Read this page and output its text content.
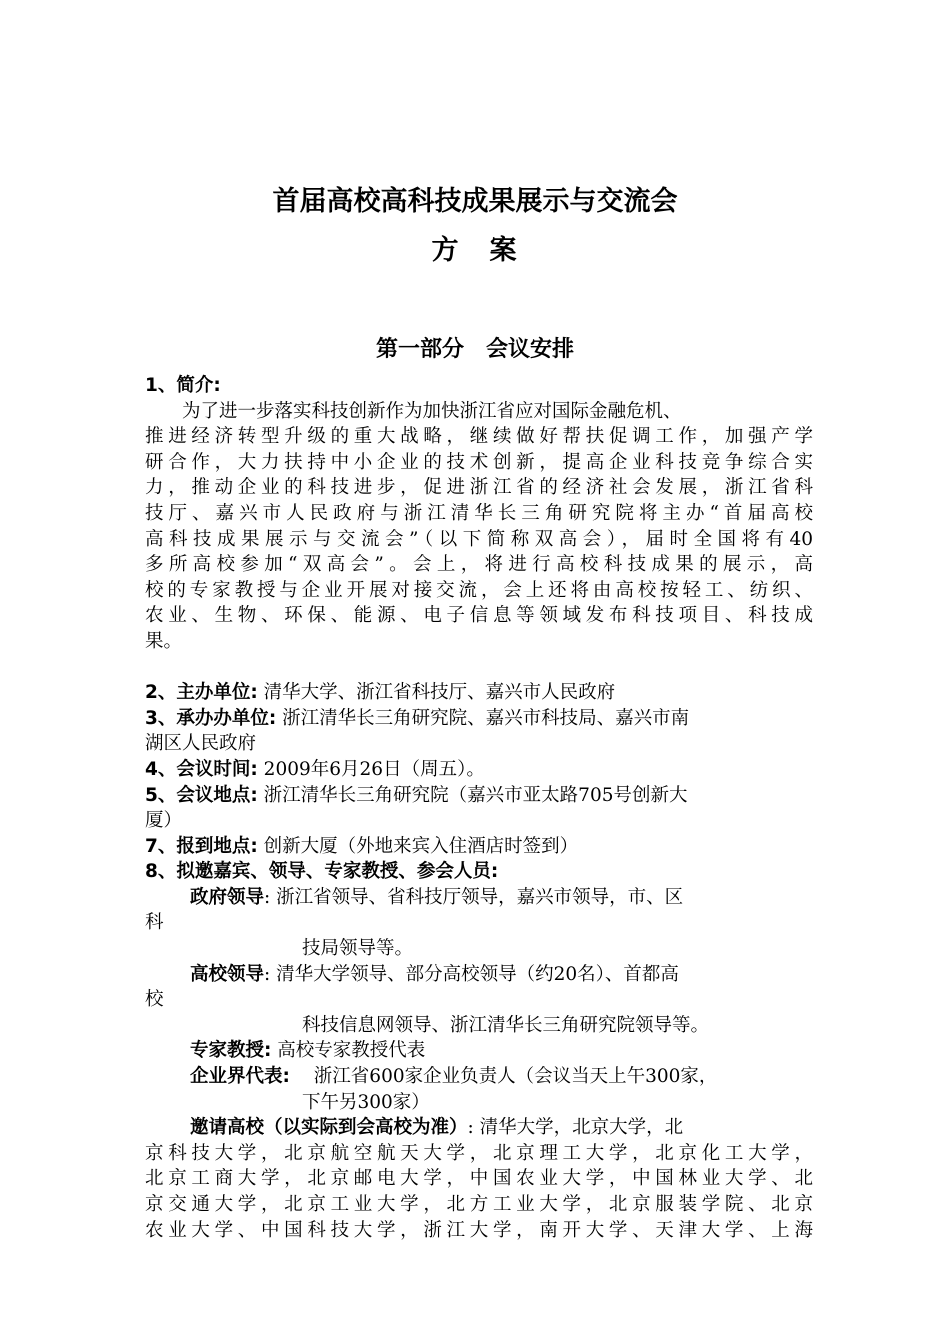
首届高校高科技成果展示与交流会
方　案
第一部分　会议安排
1、简介:
为了进一步落实科技创新作为加快浙江省应对国际金融危机、
推进经济转型升级的重大战略，继续做好帮扶促调工作，加强产学
研合作，大力扶持中小企业的技术创新，提高企业科技竞争综合实
力，推动企业的科技进步，促进浙江省的经济社会发展，浙江省科
技厅、嘉兴市人民政府与浙江清华长三角研究院将主办“首届高校
高科技成果展示与交流会”（以下简称双高会），届时全国将有40
多所高校参加“双高会”。会上，将进行高校科技成果的展示，高
校的专家教授与企业开展对接交流，会上还将由高校按轻工、纺织、
农业、生物、环保、能源、电子信息等领域发布科技项目、科技成
果。
2、主办单位: 清华大学、浙江省科技厅、嘉兴市人民政府
3、承办办单位: 浙江清华长三角研究院、嘉兴市科技局、嘉兴市南
湖区人民政府
4、会议时间: 2009年6月26日（周五）。
5、会议地点: 浙江清华长三角研究院（嘉兴市亚太路705号创新大
厦）
7、报到地点: 创新大厦（外地来宾入住酒店时签到）
8、拟邀嘉宾、领导、专家教授、参会人员:
政府领导: 浙江省领导、省科技厅领导，嘉兴市领导，市、区
科
技局领导等。
高校领导: 清华大学领导、部分高校领导（约20名）、首都高
校
科技信息网领导、浙江清华长三角研究院领导等。
专家教授: 高校专家教授代表
企业界代表: 浙江省600家企业负责人（会议当天上午300家，
下午另300家）
邀请高校（以实际到会高校为准）: 清华大学，北京大学，北
京科技大学，北京航空航天大学，北京理工大学，北京化工大学，
北京工商大学，北京邮电大学，中国农业大学，中国林业大学、北
京交通大学，北京工业大学，北方工业大学，北京服装学院、北京
农业大学、中国科技大学，浙江大学，南开大学、天津大学、上海
